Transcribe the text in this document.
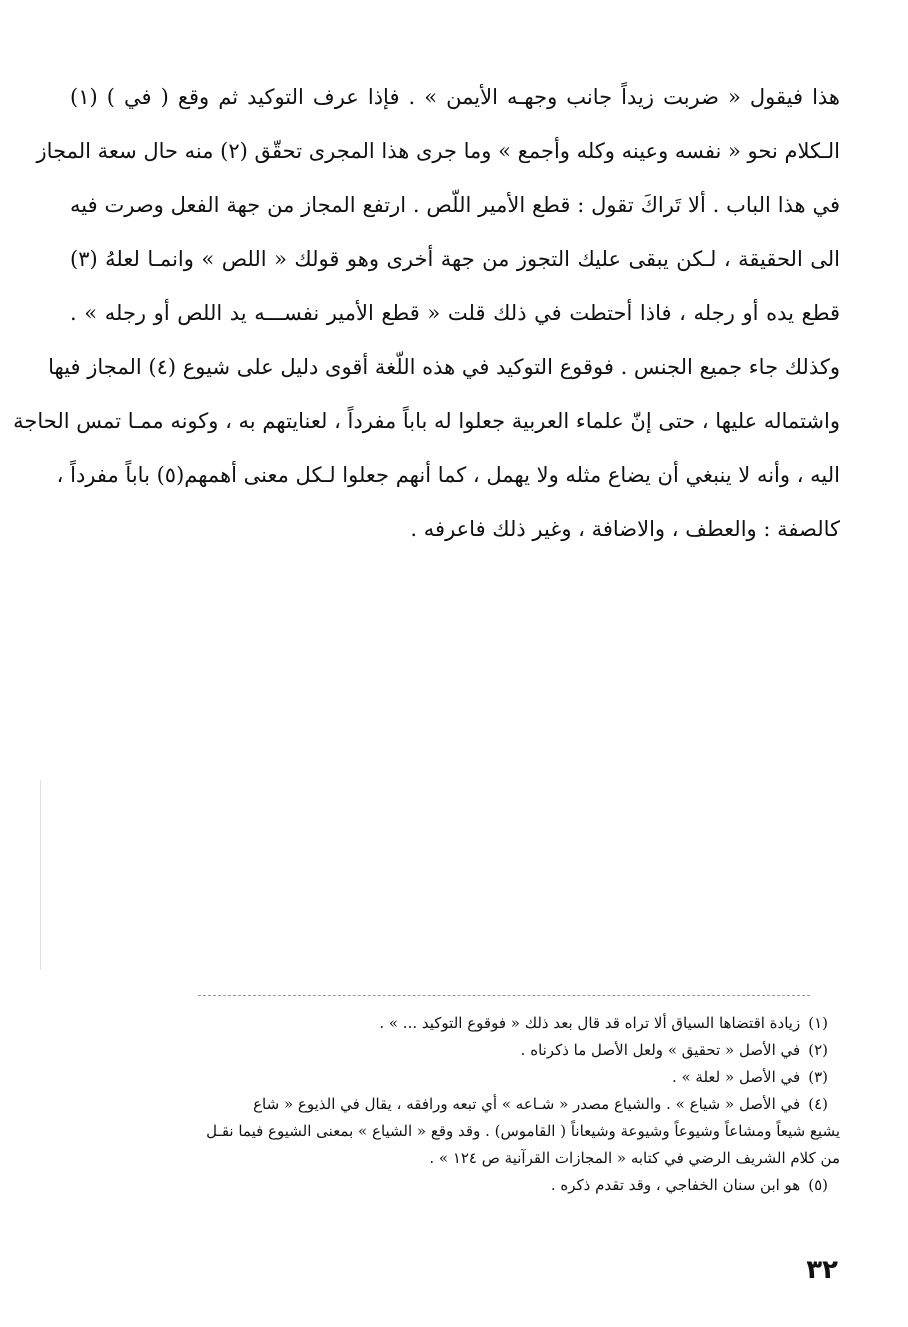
هذا فيقول « ضربت زيداً جانب وجهـه الأيمن » . فإذا عرف التوكيد ثم وقع ( في ) (١)
الـكلام نحو « نفسه وعينه وكله وأجمع » وما جرى هذا المجرى تحقّق (٢) منه حال سعة المجاز
في هذا الباب . ألا تَراكَ تقول : قطع الأمير اللّص . ارتفع المجاز من جهة الفعل وصرت فيه
الى الحقيقة ، لـكن يبقى عليك التجوز من جهة أخرى وهو قولك « اللص » وانمـا لعلهُ (٣)
قطع يده أو رجله ، فاذا أحتطت في ذلك قلت « قطع الأمير نفســـه يد اللص أو رجله » .
وكذلك جاء جميع الجنس . فوقوع التوكيد في هذه اللّغة أقوى دليل على شيوع (٤) المجاز فيها
واشتماله عليها ، حتى إنّ علماء العربية جعلوا له باباً مفرداً ، لعنايتهم به ، وكونه ممـا تمس الحاجة
اليه ، وأنه لا ينبغي أن يضاع مثله ولا يهمل ، كما أنهم جعلوا لـكل معنى أهمهم(٥) باباً مفرداً ،
كالصفة : والعطف ، والاضافة ، وغير ذلك فاعرفه .
(١)زيادة اقتضاها السياق ألا تراه قد قال بعد ذلك « فوقوع التوكيد ... » .
(٢)في الأصل « تحقيق » ولعل الأصل ما ذكرناه .
(٣)في الأصل « لعلة » .
(٤)في الأصل « شياع » . والشياع مصدر « شـاعه » أي تبعه ورافقه ، يقال في الذيوع « شاع
يشيع شيعاً ومشاعاً وشيوعاً وشيوعة وشيعاناً ( القاموس) . وقد وقع « الشياع » بمعنى الشيوع فيما نقـل
من كلام الشريف الرضي في كتابه « المجازات القرآنية ص ١٢٤ » .
(٥)هو ابن سنان الخفاجي ، وقد تقدم ذكره .
٣٢
